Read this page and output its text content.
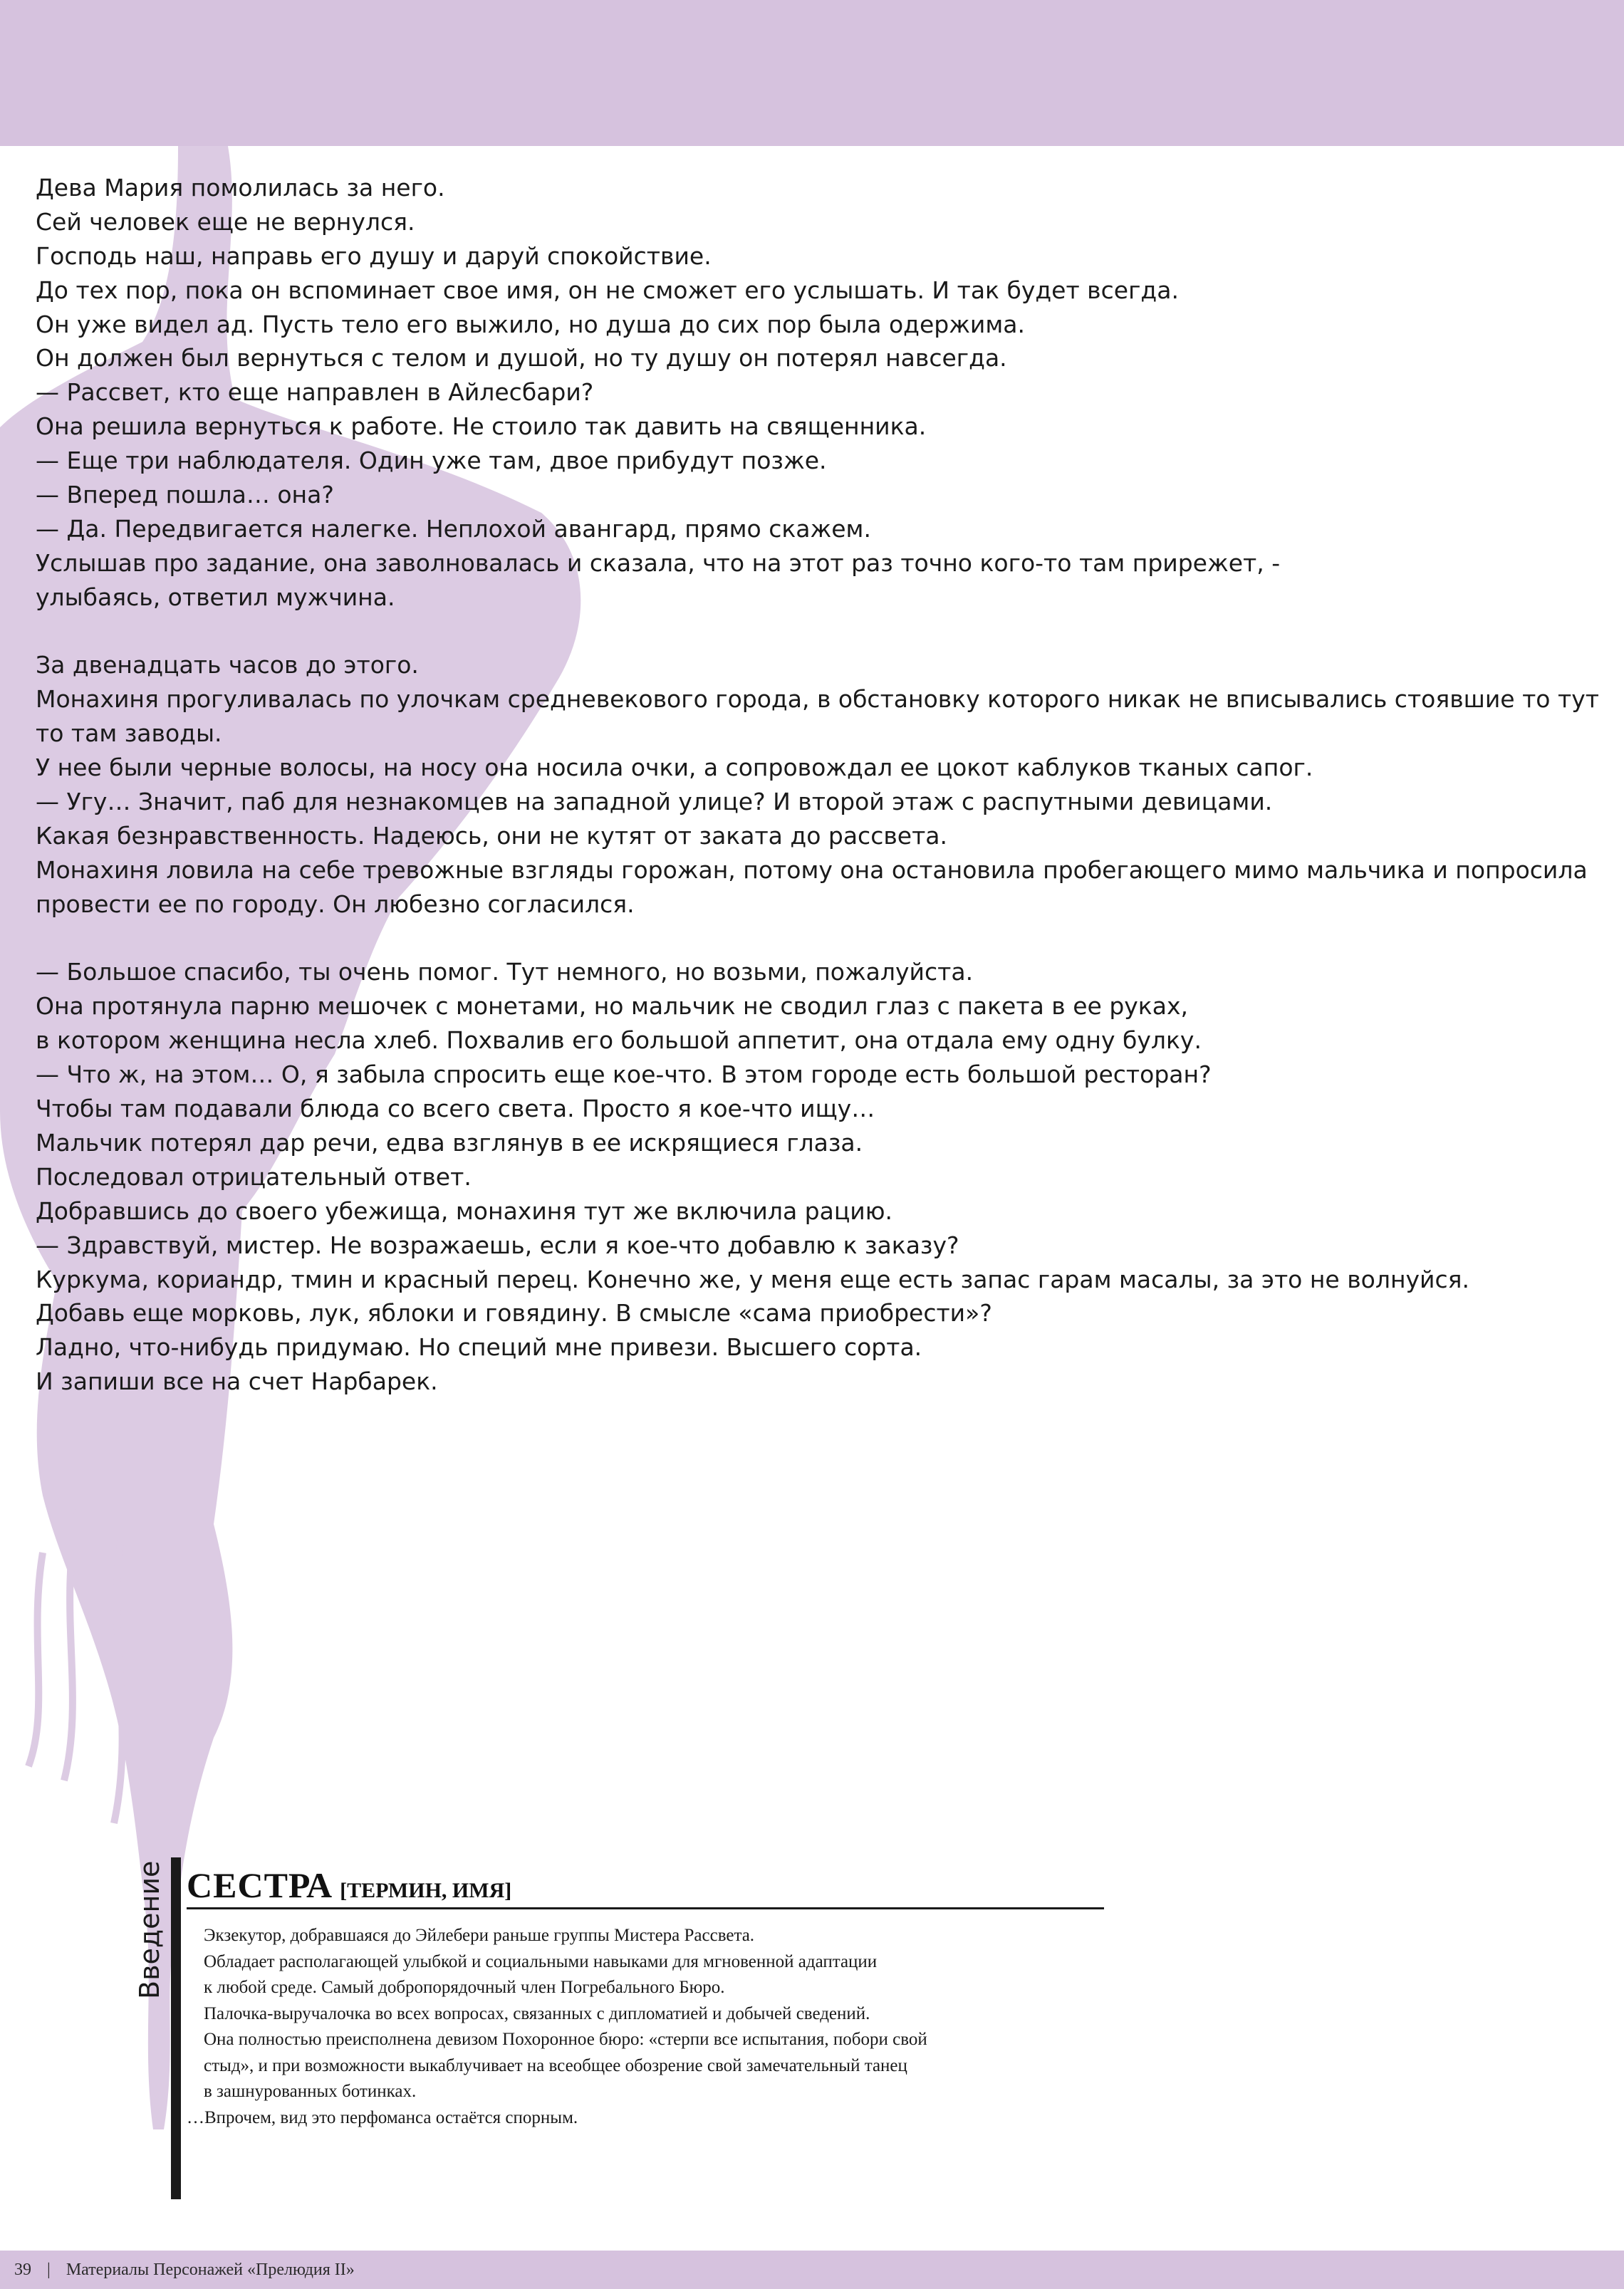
Дева Мария помолилась за него.
Сей человек еще не вернулся.
Господь наш, направь его душу и даруй спокойствие.
До тех пор, пока он вспоминает свое имя, он не сможет его услышать. И так будет всегда.
Он уже видел ад. Пусть тело его выжило, но душа до сих пор была одержима.
Он должен был вернуться с телом и душой, но ту душу он потерял навсегда.
— Рассвет, кто еще направлен в Айлесбари?
Она решила вернуться к работе. Не стоило так давить на священника.
— Еще три наблюдателя. Один уже там, двое прибудут позже.
— Вперед пошла… она?
— Да. Передвигается налегке. Неплохой авангард, прямо скажем.
Услышав про задание, она заволновалась и сказала, что на этот раз точно кого-то там прирежет, -
улыбаясь, ответил мужчина.
За двенадцать часов до этого.
Монахиня прогуливалась по улочкам средневекового города, в обстановку которого никак не вписывались стоявшие то тут
то там заводы.
У нее были черные волосы, на носу она носила очки, а сопровождал ее цокот каблуков тканых сапог.
— Угу… Значит, паб для незнакомцев на западной улице? И второй этаж с распутными девицами.
Какая безнравственность. Надеюсь, они не кутят от заката до рассвета.
Монахиня ловила на себе тревожные взгляды горожан, потому она остановила пробегающего мимо мальчика и попросила
провести ее по городу. Он любезно согласился.
— Большое спасибо, ты очень помог. Тут немного, но возьми, пожалуйста.
Она протянула парню мешочек с монетами, но мальчик не сводил глаз с пакета в ее руках,
в котором женщина несла хлеб. Похвалив его большой аппетит, она отдала ему одну булку.
— Что ж, на этом… О, я забыла спросить еще кое-что. В этом городе есть большой ресторан?
Чтобы там подавали блюда со всего света. Просто я кое-что ищу…
Мальчик потерял дар речи, едва взглянув в ее искрящиеся глаза.
Последовал отрицательный ответ.
Добравшись до своего убежища, монахиня тут же включила рацию.
— Здравствуй, мистер. Не возражаешь, если я кое-что добавлю к заказу?
Куркума, кориандр, тмин и красный перец. Конечно же, у меня еще есть запас гарам масалы, за это не волнуйся.
Добавь еще морковь, лук, яблоки и говядину. В смысле «сама приобрести»?
Ладно, что-нибудь придумаю. Но специй мне привези. Высшего сорта.
И запиши все на счет Нарбарек.
Введение СЕСТРА [ТЕРМИН, ИМЯ]
Экзекутор, добравшаяся до Эйлебери раньше группы Мистера Рассвета.
Обладает располагающей улыбкой и социальными навыками для мгновенной адаптации
к любой среде. Самый добропорядочный член Погребального Бюро.
Палочка-выручалочка во всех вопросах, связанных с дипломатией и добычей сведений.
Она полностью преисполнена девизом Похоронное бюро: «стерпи все испытания, побори свой
стыд», и при возможности выкаблучивает на всеобщее обозрение свой замечательный танец
в зашнурованных ботинках.
…Впрочем, вид это перфоманса остаётся спорным.
39 | Материалы Персонажей «Прелюдия II»
